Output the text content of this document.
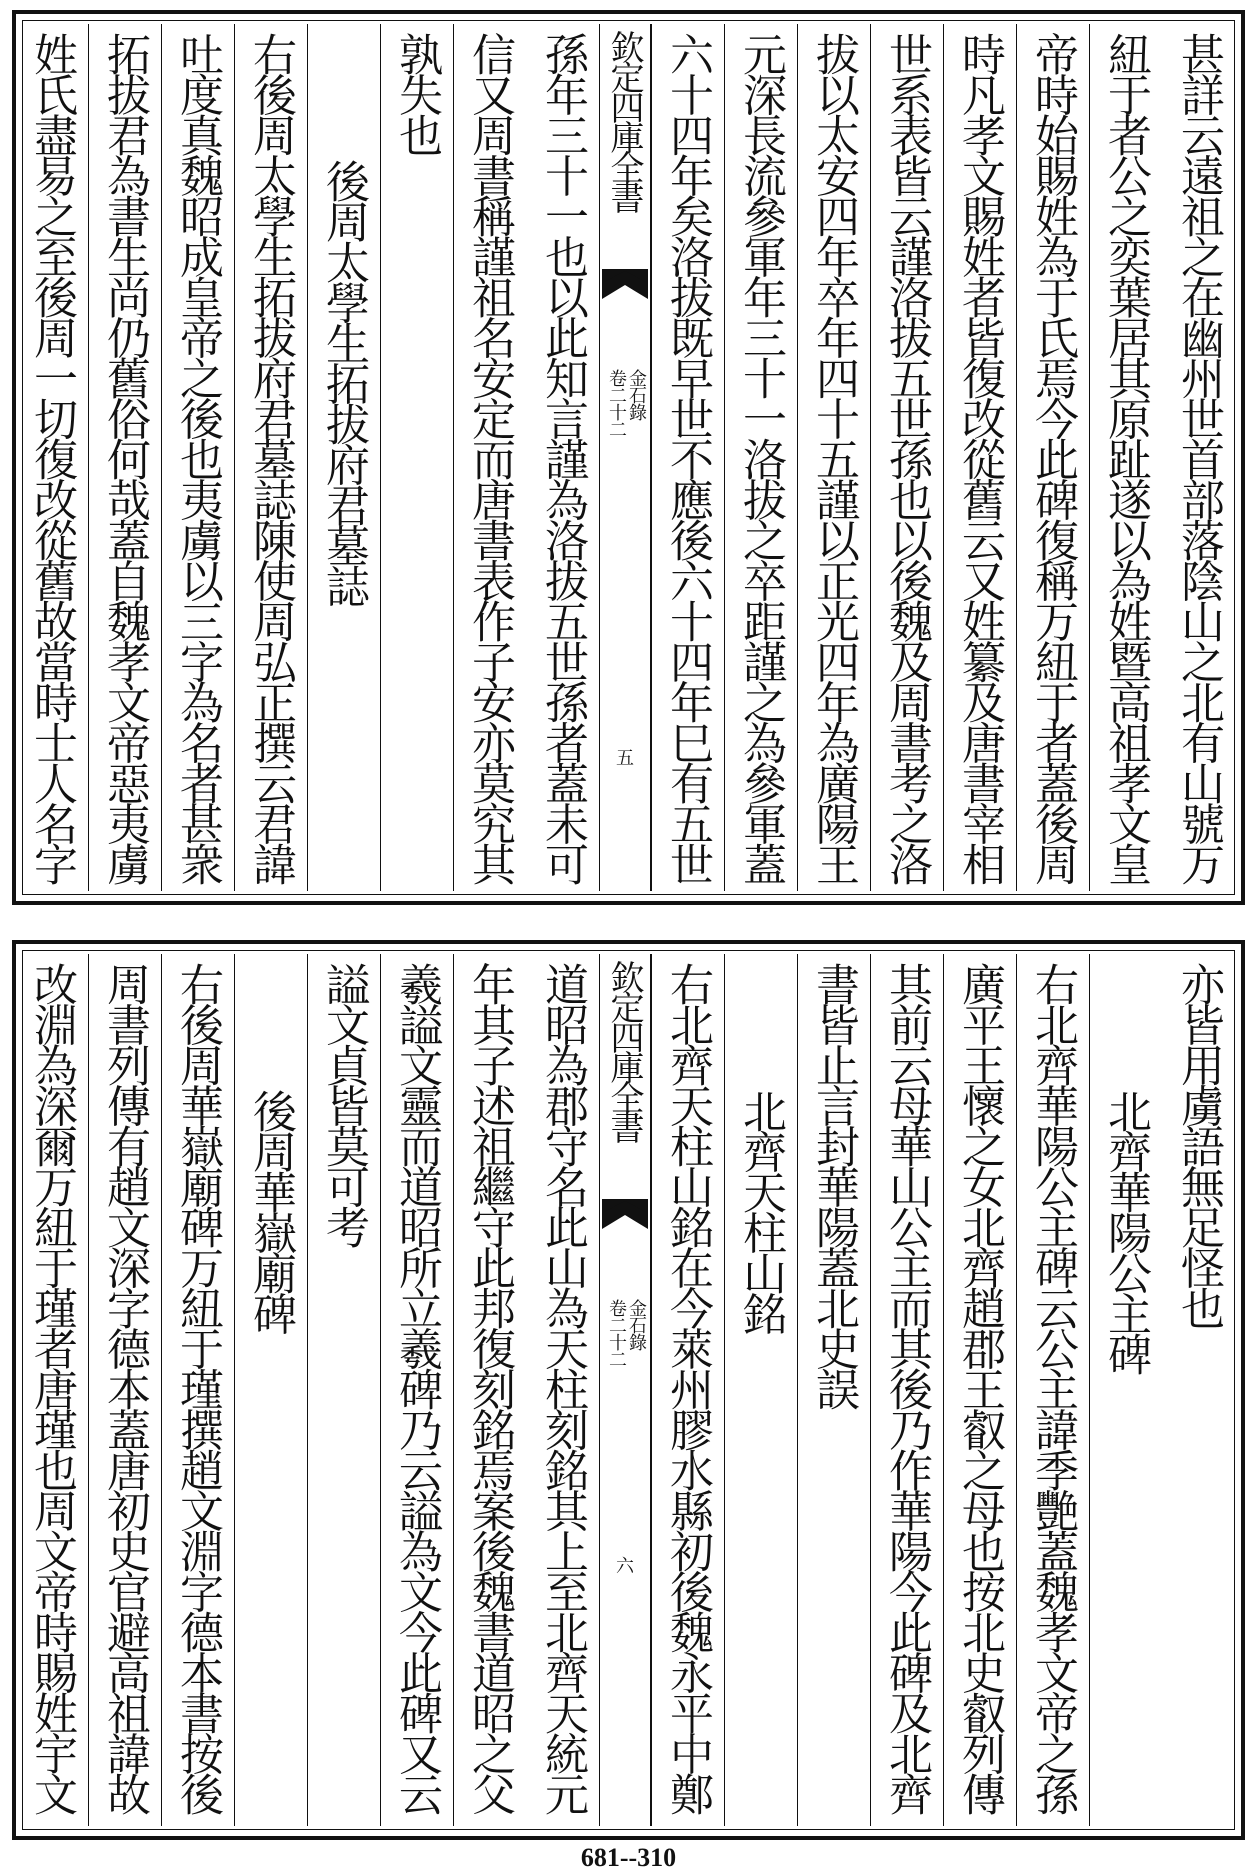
甚詳云遠祖之在幽州世首部落陰山之北有山號万
紐于者公之奕葉居其原趾遂以為姓暨高祖孝文皇
帝時始賜姓為于氏焉今此碑復稱万紐于者蓋後周
時凡孝文賜姓者皆復改從舊云又姓纂及唐書宰相
世系表皆云謹洛拔五世孫也以後魏及周書考之洛
拔以太安四年卒年四十五謹以正光四年為廣陽王
元深長流參軍年三十一洛拔之卒距謹之為參軍蓋
六十四年矣洛拔既早世不應後六十四年巳有五世
欽定四庫全書
金石錄
卷二十二
五
孫年三十一也以此知言謹為洛拔五世孫者蓋未可
信又周書稱謹祖名安定而唐書表作子安亦莫究其
孰失也
後周太學生拓拔府君墓誌
右後周太學生拓拔府君墓誌陳使周弘正撰云君諱
吐度真魏昭成皇帝之後也夷虜以三字為名者甚衆
拓拔君為書生尚仍舊俗何哉蓋自魏孝文帝惡夷虜
姓氏盡易之至後周一切復改從舊故當時士人名字
亦皆用虜語無足怪也
北齊華陽公主碑
右北齊華陽公主碑云公主諱季艷蓋魏孝文帝之孫
廣平王懷之女北齊趙郡王叡之母也按北史叡列傳
其前云母華山公主而其後乃作華陽今此碑及北齊
書皆止言封華陽蓋北史誤
北齊天柱山銘
右北齊天柱山銘在今萊州膠水縣初後魏永平中鄭
欽定四庫全書
金石錄
卷二十二
六
道昭為郡守名此山為天柱刻銘其上至北齊天統元
年其子述祖繼守此邦復刻銘焉案後魏書道昭之父
羲謚文靈而道昭所立羲碑乃云謚為文今此碑又云
謚文貞皆莫可考
後周華嶽廟碑
右後周華嶽廟碑万紐于瑾撰趙文淵字德本書按後
周書列傳有趙文深字德本蓋唐初史官避高祖諱故
改淵為深爾万紐于瑾者唐瑾也周文帝時賜姓宇文
681--310
